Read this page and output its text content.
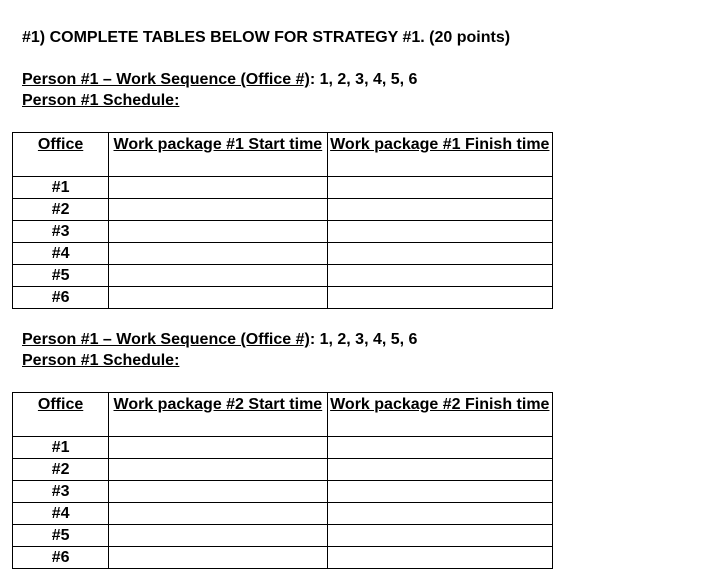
#1) COMPLETE TABLES BELOW FOR STRATEGY #1. (20 points)
Person #1 – Work Sequence (Office #): 1, 2, 3, 4, 5, 6
Person #1 Schedule:
Office	Work package #1 Start time	Work package #1 Finish time
#1		
#2		
#3		
#4		
#5		
#6		
Person #1 – Work Sequence (Office #): 1, 2, 3, 4, 5, 6
Person #1 Schedule:
Office	Work package #2 Start time	Work package #2 Finish time
#1		
#2		
#3		
#4		
#5		
#6		
